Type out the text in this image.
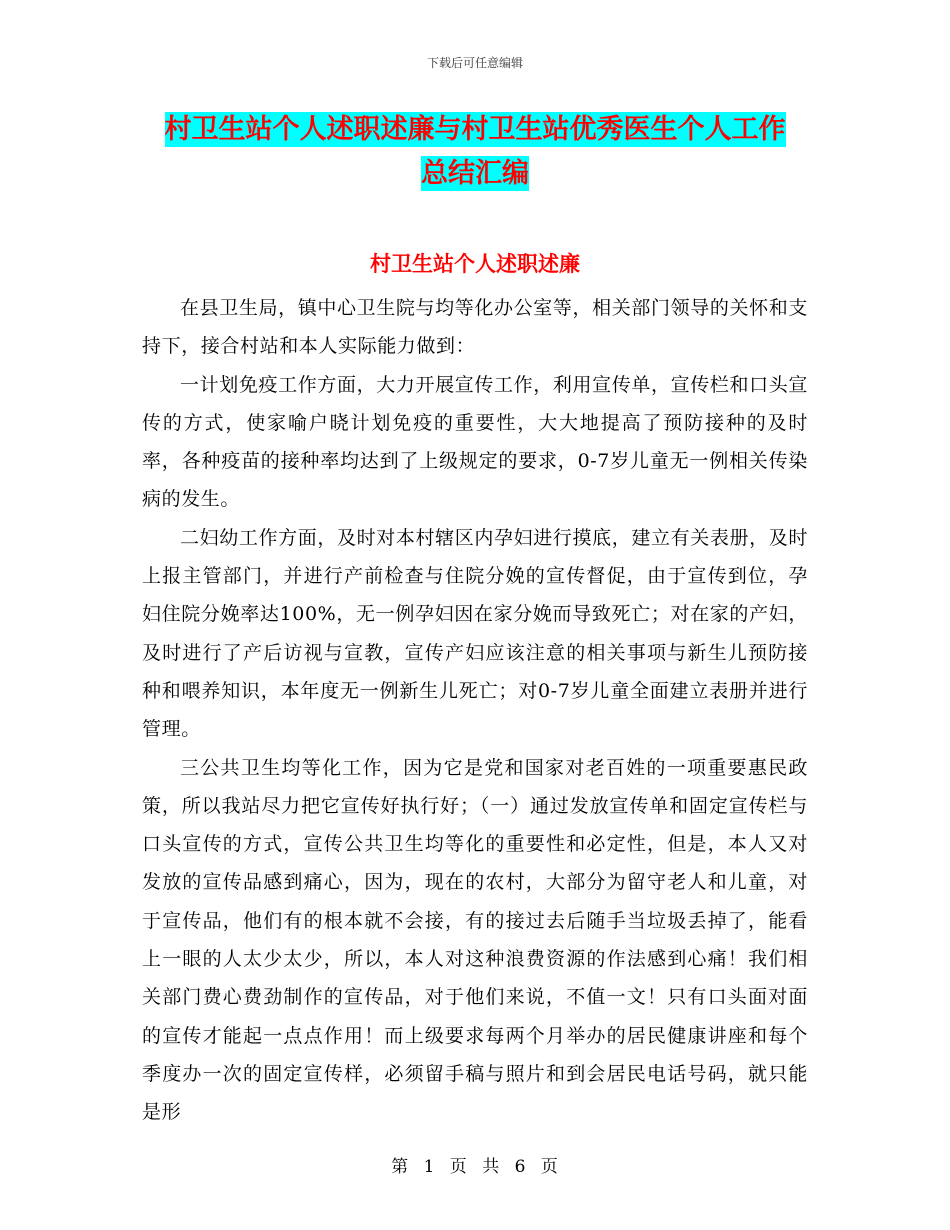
下载后可任意编辑
村卫生站个人述职述廉与村卫生站优秀医生个人工作
总结汇编
村卫生站个人述职述廉

在县卫生局，镇中心卫生院与均等化办公室等，相关部门领导的关怀和支持下，接合村站和本人实际能力做到：

一计划免疫工作方面，大力开展宣传工作，利用宣传单，宣传栏和口头宣传的方式，使家喻户晓计划免疫的重要性，大大地提高了预防接种的及时率，各种疫苗的接种率均达到了上级规定的要求，0-7岁儿童无一例相关传染病的发生。

二妇幼工作方面，及时对本村辖区内孕妇进行摸底，建立有关表册，及时上报主管部门，并进行产前检查与住院分娩的宣传督促，由于宣传到位，孕妇住院分娩率达100%，无一例孕妇因在家分娩而导致死亡；对在家的产妇，及时进行了产后访视与宣教，宣传产妇应该注意的相关事项与新生儿预防接种和喂养知识，本年度无一例新生儿死亡；对0-7岁儿童全面建立表册并进行管理。

三公共卫生均等化工作，因为它是党和国家对老百姓的一项重要惠民政策，所以我站尽力把它宣传好执行好；（一）通过发放宣传单和固定宣传栏与口头宣传的方式，宣传公共卫生均等化的重要性和必定性，但是，本人又对发放的宣传品感到痛心，因为，现在的农村，大部分为留守老人和儿童，对于宣传品，他们有的根本就不会接，有的接过去后随手当垃圾丢掉了，能看上一眼的人太少太少，所以，本人对这种浪费资源的作法感到心痛！我们相关部门费心费劲制作的宣传品，对于他们来说，不值一文！只有口头面对面的宣传才能起一点点作用！而上级要求每两个月举办的居民健康讲座和每个季度办一次的固定宣传样，必须留手稿与照片和到会居民电话号码，就只能是形

第 1 页 共 6 页
